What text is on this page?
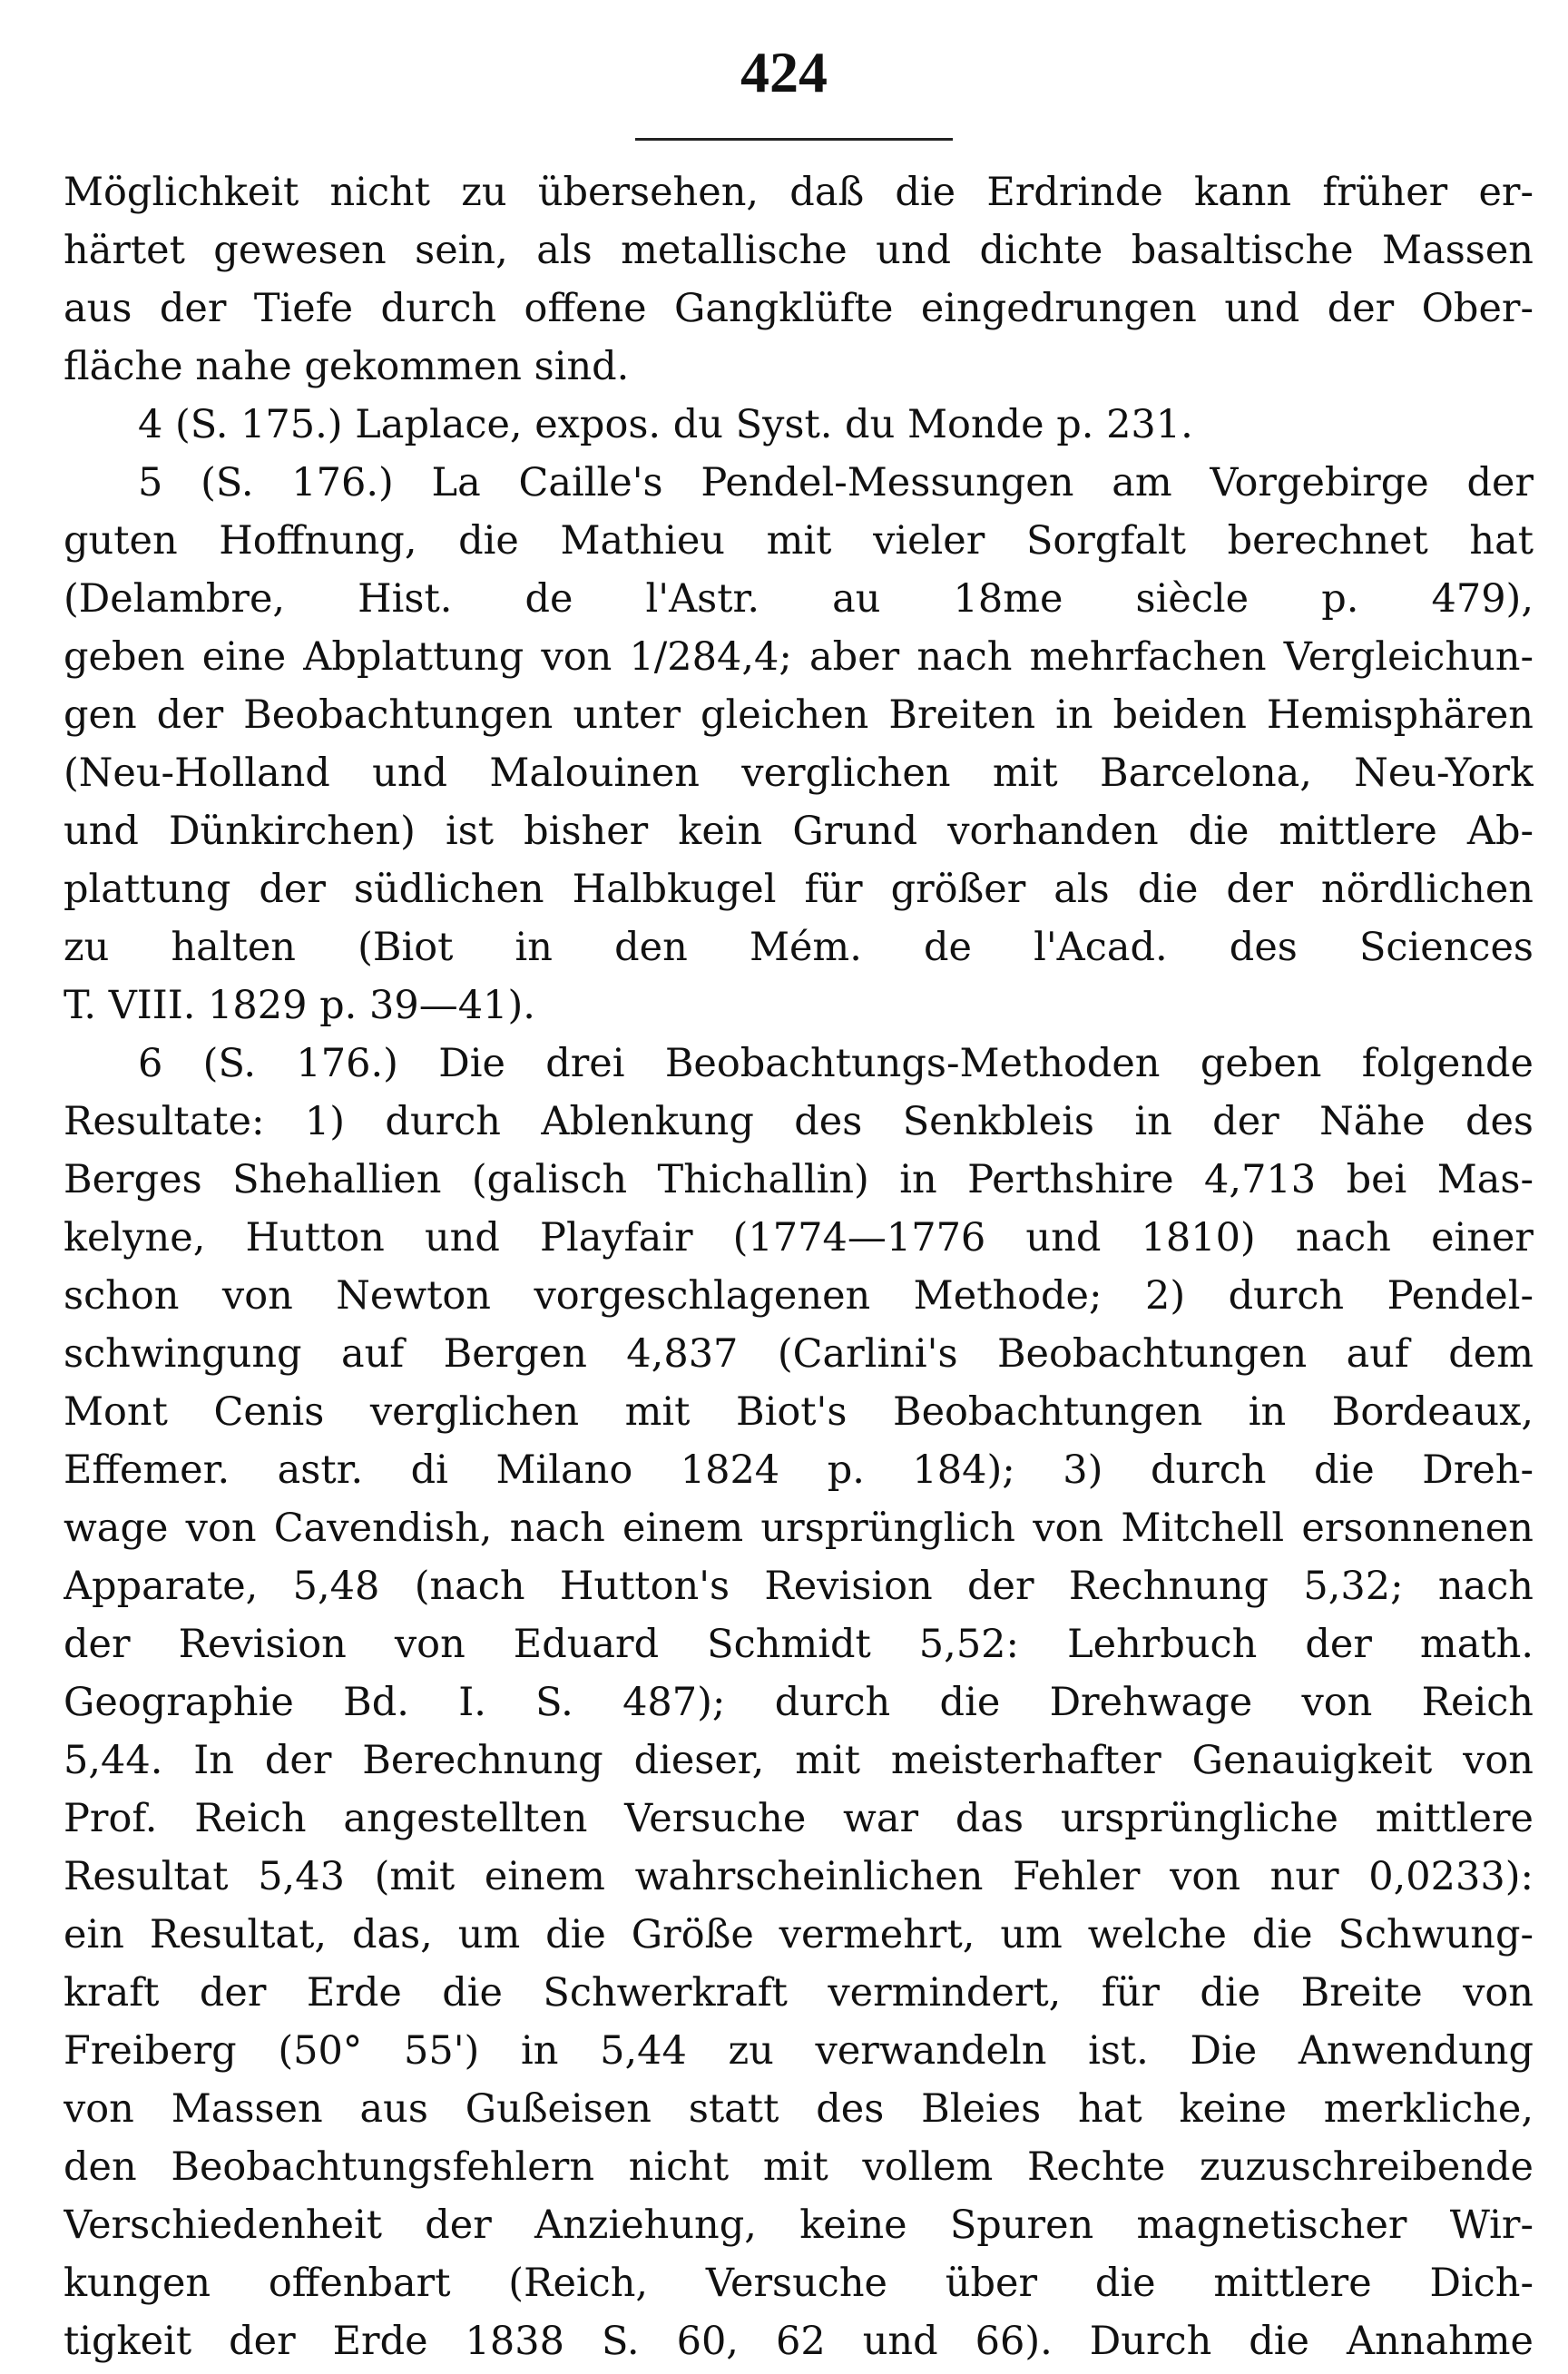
424
Möglichkeit nicht zu übersehen, daß die Erdrinde kann früher er-
härtet gewesen sein, als metallische und dichte basaltische Massen
aus der Tiefe durch offene Gangklüfte eingedrungen und der Ober-
fläche nahe gekommen sind.
4 (S. 175.) Laplace, expos. du Syst. du Monde p. 231.
5 (S. 176.) La Caille's Pendel-Messungen am Vorgebirge der
guten Hoffnung, die Mathieu mit vieler Sorgfalt berechnet hat
(Delambre, Hist. de l'Astr. au 18me siècle p. 479),
geben eine Abplattung von 1/284,4; aber nach mehrfachen Vergleichun-
gen der Beobachtungen unter gleichen Breiten in beiden Hemisphären
(Neu-Holland und Malouinen verglichen mit Barcelona, Neu-York
und Dünkirchen) ist bisher kein Grund vorhanden die mittlere Ab-
plattung der südlichen Halbkugel für größer als die der nördlichen
zu halten (Biot in den Mém. de l'Acad. des Sciences
T. VIII. 1829 p. 39—41).
6 (S. 176.) Die drei Beobachtungs-Methoden geben folgende
Resultate: 1) durch Ablenkung des Senkbleis in der Nähe des
Berges Shehallien (galisch Thichallin) in Perthshire 4,713 bei Mas-
kelyne, Hutton und Playfair (1774—1776 und 1810) nach einer
schon von Newton vorgeschlagenen Methode; 2) durch Pendel-
schwingung auf Bergen 4,837 (Carlini's Beobachtungen auf dem
Mont Cenis verglichen mit Biot's Beobachtungen in Bordeaux,
Effemer. astr. di Milano 1824 p. 184); 3) durch die Dreh-
wage von Cavendish, nach einem ursprünglich von Mitchell ersonnenen
Apparate, 5,48 (nach Hutton's Revision der Rechnung 5,32; nach
der Revision von Eduard Schmidt 5,52: Lehrbuch der math.
Geographie Bd. I. S. 487); durch die Drehwage von Reich
5,44. In der Berechnung dieser, mit meisterhafter Genauigkeit von
Prof. Reich angestellten Versuche war das ursprüngliche mittlere
Resultat 5,43 (mit einem wahrscheinlichen Fehler von nur 0,0233):
ein Resultat, das, um die Größe vermehrt, um welche die Schwung-
kraft der Erde die Schwerkraft vermindert, für die Breite von
Freiberg (50° 55') in 5,44 zu verwandeln ist. Die Anwendung
von Massen aus Gußeisen statt des Bleies hat keine merkliche,
den Beobachtungsfehlern nicht mit vollem Rechte zuzuschreibende
Verschiedenheit der Anziehung, keine Spuren magnetischer Wir-
kungen offenbart (Reich, Versuche über die mittlere Dich-
tigkeit der Erde 1838 S. 60, 62 und 66). Durch die Annahme
